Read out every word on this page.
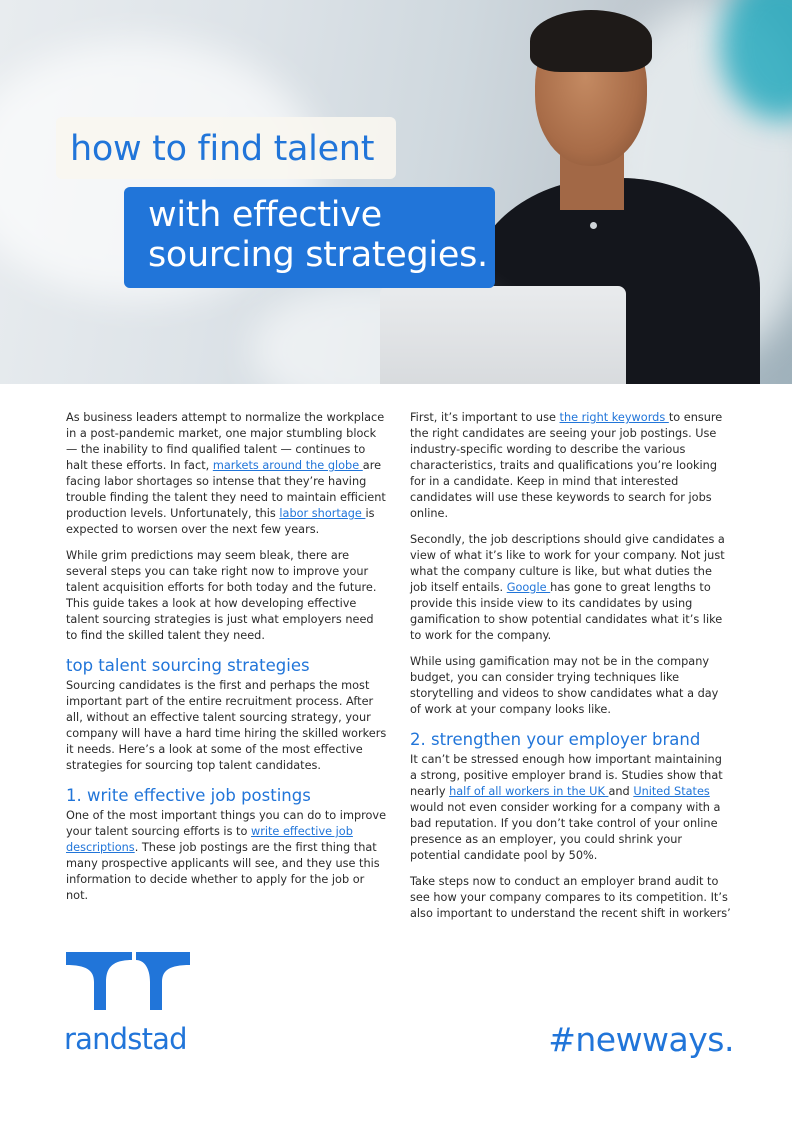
how to find talent
with effective sourcing strategies.

As business leaders attempt to normalize the workplace in a post-pandemic market, one major stumbling block — the inability to find qualified talent — continues to halt these efforts. In fact, markets around the globe are facing labor shortages so intense that they’re having trouble finding the talent they need to maintain efficient production levels. Unfortunately, this labor shortage is expected to worsen over the next few years.

While grim predictions may seem bleak, there are several steps you can take right now to improve your talent acquisition efforts for both today and the future. This guide takes a look at how developing effective talent sourcing strategies is just what employers need to find the skilled talent they need.

top talent sourcing strategies

Sourcing candidates is the first and perhaps the most important part of the entire recruitment process. After all, without an effective talent sourcing strategy, your company will have a hard time hiring the skilled workers it needs. Here’s a look at some of the most effective strategies for sourcing top talent candidates.

1. write effective job postings

One of the most important things you can do to improve your talent sourcing efforts is to write effective job descriptions. These job postings are the first thing that many prospective applicants will see, and they use this information to decide whether to apply for the job or not.

First, it’s important to use the right keywords to ensure the right candidates are seeing your job postings. Use industry-specific wording to describe the various characteristics, traits and qualifications you’re looking for in a candidate. Keep in mind that interested candidates will use these keywords to search for jobs online.

Secondly, the job descriptions should give candidates a view of what it’s like to work for your company. Not just what the company culture is like, but what duties the job itself entails. Google has gone to great lengths to provide this inside view to its candidates by using gamification to show potential candidates what it’s like to work for the company.

While using gamification may not be in the company budget, you can consider trying techniques like storytelling and videos to show candidates what a day of work at your company looks like.

2. strengthen your employer brand

It can’t be stressed enough how important maintaining a strong, positive employer brand is. Studies show that nearly half of all workers in the UK and United States would not even consider working for a company with a bad reputation. If you don’t take control of your online presence as an employer, you could shrink your potential candidate pool by 50%.

Take steps now to conduct an employer brand audit to see how your company compares to its competition. It’s also important to understand the recent shift in workers’

randstad	#newways.
